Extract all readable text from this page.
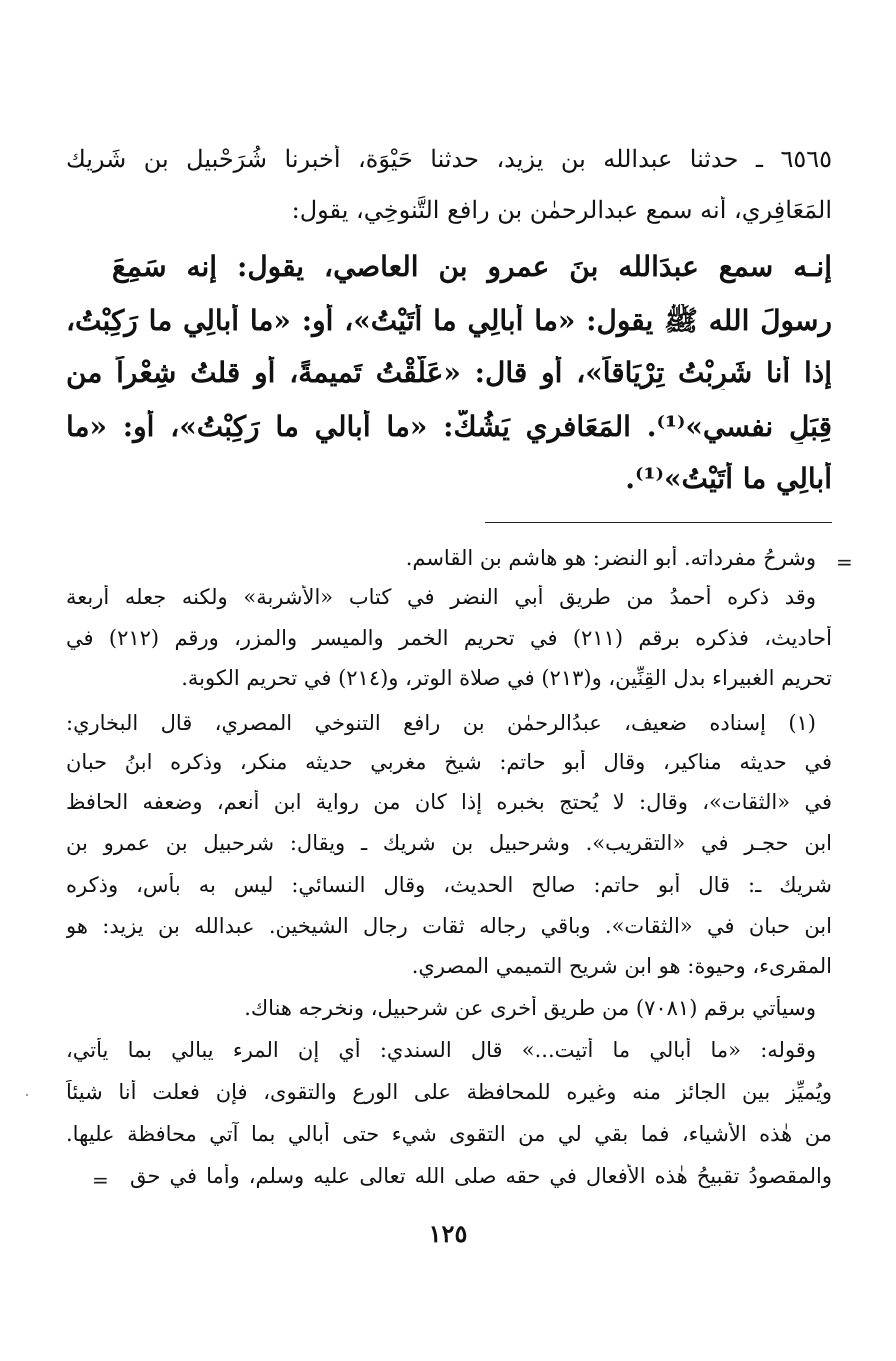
٦٥٦٥ ـ حدثنا عبدالله بن يزيد، حدثنا حَيْوَة، أخبرنا شُرَحْبيل بن شَريك
المَعَافِري، أنه سمع عبدالرحمٰن بن رافع التَّنوخِي، يقول:
إنـه سمع عبدَالله بنَ عمرو بن العاصي، يقول: إنه سَمِعَ
رسولَ الله ﷺ يقول: «ما أُبالِي ما أَتَيْتُ»، أو: «ما أُبالِي ما رَكِبْتُ،
إذا أنا شَرِبْتُ تِرْيَاقاً»، أو قال: «عَلَّقْتُ تَميمةً، أو قلتُ شِعْراً من
قِبَلِ نفسي»⁽¹⁾. المَعَافري يَشُكُّ: «ما أُبالي ما رَكِبْتُ»، أو: «ما
أُبالِي ما أَتَيْتُ»⁽¹⁾.
=
=
وشرحُ مفرداته. أبو النضر: هو هاشم بن القاسم.
وقد ذكره أحمدُ من طريق أبي النضر في كتاب «الأشربة» ولكنه جعله أربعة
أحاديث، فذكره برقم (٢١١) في تحريم الخمر والميسر والمزر، ورقم (٢١٢) في
تحريم الغبيراء بدل القِنِّين، و(٢١٣) في صلاة الوتر، و(٢١٤) في تحريم الكوبة.
(١) إسناده ضعيف، عبدُالرحمٰن بن رافع التنوخي المصري، قال البخاري:
في حديثه مناكير، وقال أبو حاتم: شيخ مغربي حديثه منكر، وذكره ابنُ حبان
في «الثقات»، وقال: لا يُحتج بخبره إذا كان من رواية ابن أنعم، وضعفه الحافظ
ابن حجـر في «التقريب». وشرحبيل بن شريك ـ ويقال: شرحبيل بن عمرو بن
شريك ـ: قال أبو حاتم: صالح الحديث، وقال النسائي: ليس به بأس، وذكره
ابن حبان في «الثقات». وباقي رجاله ثقات رجال الشيخين. عبدالله بن يزيد: هو
المقرىء، وحيوة: هو ابن شريح التميمي المصري.
وسيأتي برقم (٧٠٨١) من طريق أخرى عن شرحبيل، ونخرجه هناك.
وقوله: «ما أبالي ما أتيت...» قال السندي: أي إن المرء يبالي بما يأتي،
ويُميِّز بين الجائز منه وغيره للمحافظة على الورع والتقوى، فإن فعلت أنا شيئاً
من هٰذه الأشياء، فما بقي لي من التقوى شيء حتى أبالي بما آتي محافظة عليها.
والمقصودُ تقبيحُ هٰذه الأفعال في حقه صلى الله تعالى عليه وسلم، وأما في حق
١٢٥
